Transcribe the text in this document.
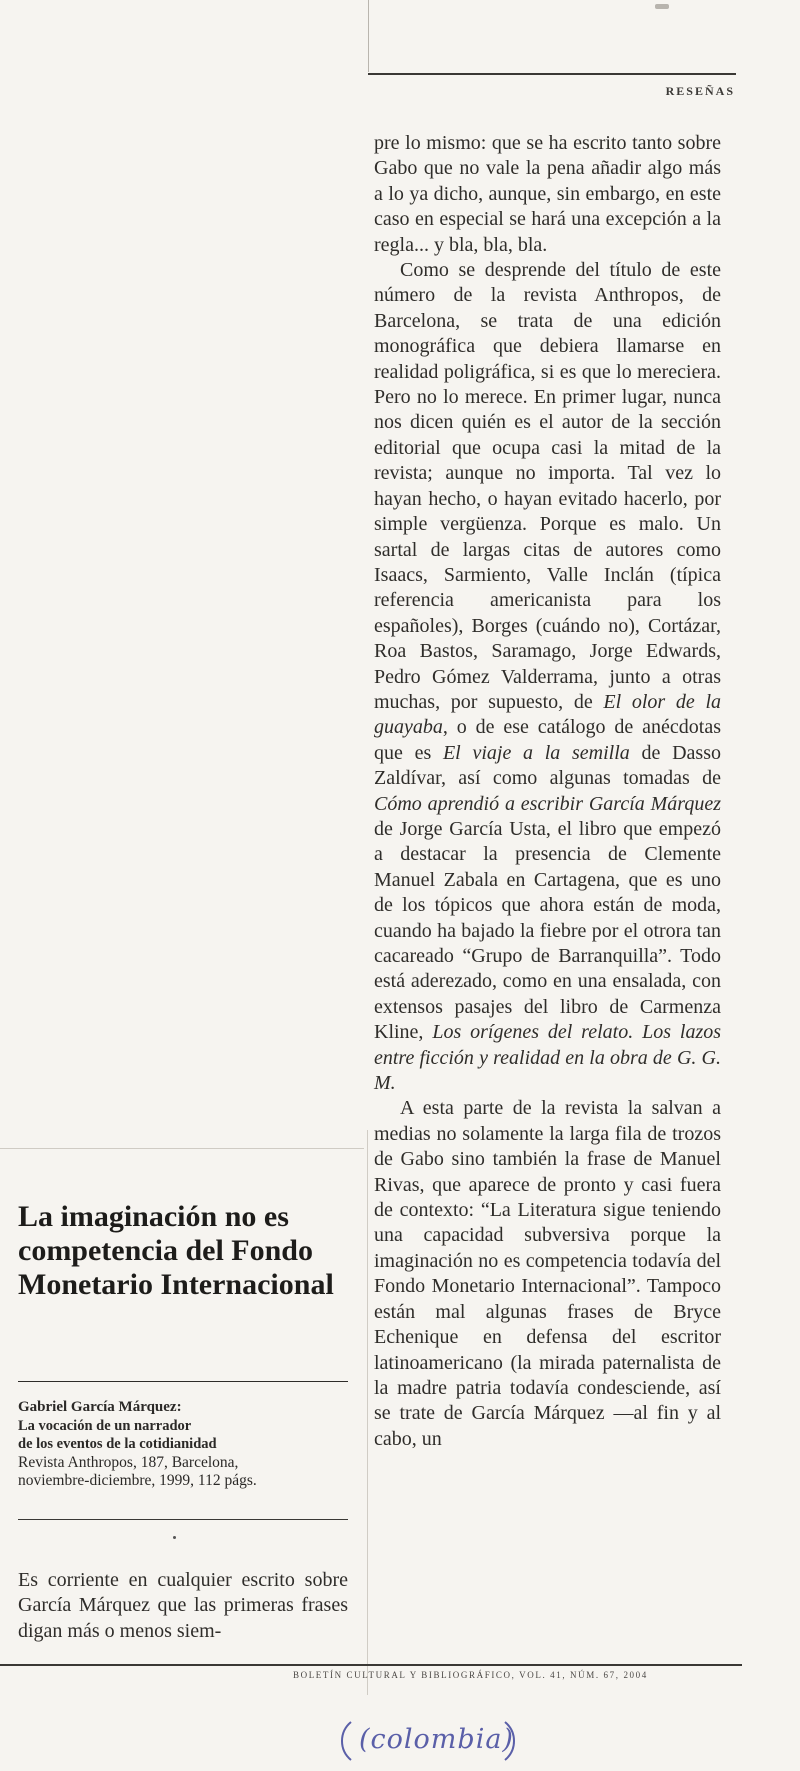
RESEÑAS

pre lo mismo: que se ha escrito tanto sobre Gabo que no vale la pena añadir algo más a lo ya dicho, aunque, sin embargo, en este caso en especial se hará una excepción a la regla... y bla, bla, bla.

Como se desprende del título de este número de la revista Anthropos, de Barcelona, se trata de una edición monográfica que debiera llamarse en realidad poligráfica, si es que lo mereciera. Pero no lo merece. En primer lugar, nunca nos dicen quién es el autor de la sección editorial que ocupa casi la mitad de la revista; aunque no importa. Tal vez lo hayan hecho, o hayan evitado hacerlo, por simple vergüenza. Porque es malo. Un sartal de largas citas de autores como Isaacs, Sarmiento, Valle Inclán (típica referencia americanista para los españoles), Borges (cuándo no), Cortázar, Roa Bastos, Saramago, Jorge Edwards, Pedro Gómez Valderrama, junto a otras muchas, por supuesto, de El olor de la guayaba, o de ese catálogo de anécdotas que es El viaje a la semilla de Dasso Zaldívar, así como algunas tomadas de Cómo aprendió a escribir García Márquez de Jorge García Usta, el libro que empezó a destacar la presencia de Clemente Manuel Zabala en Cartagena, que es uno de los tópicos que ahora están de moda, cuando ha bajado la fiebre por el otrora tan cacareado “Grupo de Barranquilla”. Todo está aderezado, como en una ensalada, con extensos pasajes del libro de Carmenza Kline, Los orígenes del relato. Los lazos entre ficción y realidad en la obra de G. G. M.

A esta parte de la revista la salvan a medias no solamente la larga fila de trozos de Gabo sino también la frase de Manuel Rivas, que aparece de pronto y casi fuera de contexto: “La Literatura sigue teniendo una capacidad subversiva porque la imaginación no es competencia todavía del Fondo Monetario Internacional”. Tampoco están mal algunas frases de Bryce Echenique en defensa del escritor latinoamericano (la mirada paternalista de la madre patria todavía condesciende, así se trate de García Márquez —al fin y al cabo, un

La imaginación no es competencia del Fondo Monetario Internacional
Gabriel García Márquez:
La vocación de un narrador
de los eventos de la cotidianidad
Revista Anthropos, 187, Barcelona,
noviembre-diciembre, 1999, 112 págs.

Es corriente en cualquier escrito sobre García Márquez que las primeras frases digan más o menos siem-

BOLETÍN CULTURAL Y BIBLIOGRÁFICO, VOL. 41, NÚM. 67, 2004
(colombia)
